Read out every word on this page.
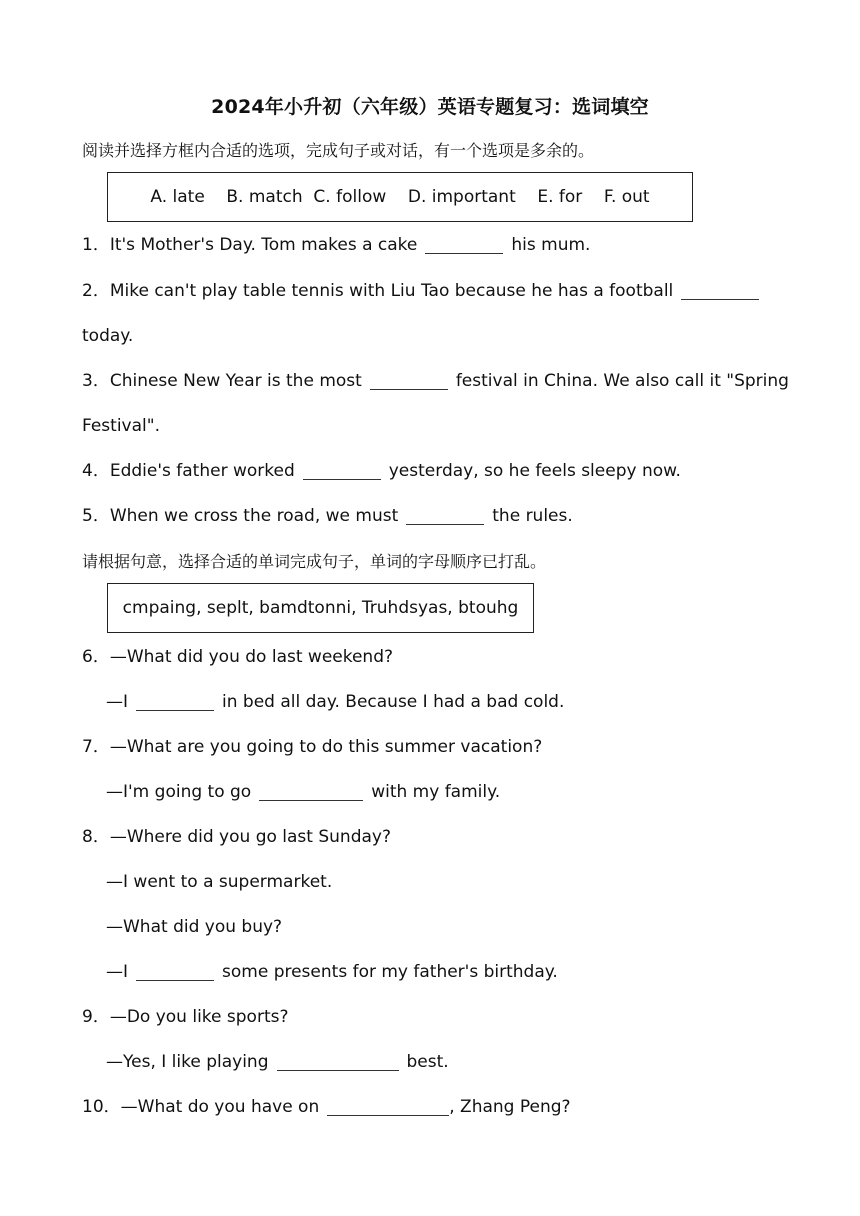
2024年小升初（六年级）英语专题复习：选词填空
阅读并选择方框内合适的选项，完成句子或对话，有一个选项是多余的。
A. late    B. match  C. follow    D. important    E. for    F. out
1．It's Mother's Day. Tom makes a cake	his mum.
2．Mike can't play table tennis with Liu Tao because he has a football
today.
3．Chinese New Year is the most	festival in China. We also call it "Spring
Festival".
4．Eddie's father worked	yesterday, so he feels sleepy now.
5．When we cross the road, we must	the rules.
请根据句意，选择合适的单词完成句子，单词的字母顺序已打乱。
cmpaing, seplt, bamdtonni, Truhdsyas, btouhg
6．—What did you do last weekend?
—I	in bed all day. Because I had a bad cold.
7．—What are you going to do this summer vacation?
—I'm going to go	with my family.
8．—Where did you go last Sunday?
—I went to a supermarket.
—What did you buy?
—I	some presents for my father's birthday.
9．—Do you like sports?
—Yes, I like playing	best.
10．—What do you have on	, Zhang Peng?
